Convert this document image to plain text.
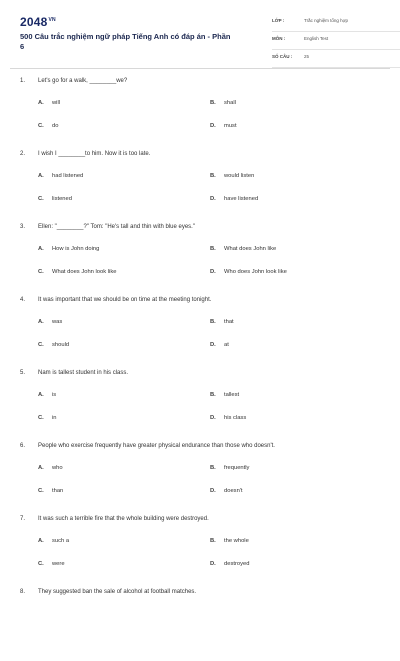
$2048^{VN}$
500 Câu trắc nghiệm ngữ pháp Tiếng Anh có đáp án - Phần 6
LỚP :	Trắc nghiệm tổng hợp
MÔN :	English Test
SỐ CÂU :	25
1. Let's go for a walk, ________we?
A. will	B. shall
C. do	D. must
2. I wish I ________to him. Now it is too late.
A. had listened	B. would listen
C. listened	D. have listened
3. Ellen: "________?" Tom: "He's tall and thin with blue eyes."
A. How is John doing	B. What does John like
C. What does John look like	D. Who does John look like
4. It was important that we should be on time at the meeting tonight.
A. was	B. that
C. should	D. at
5. Nam is tallest student in his class.
A. is	B. tallest
C. in	D. his class
6. People who exercise frequently have greater physical endurance than those who doesn't.
A. who	B. frequently
C. than	D. doesn't
7. It was such a terrible fire that the whole building were destroyed.
A. such a	B. the whole
C. were	D. destroyed
8. They suggested ban the sale of alcohol at football matches.
